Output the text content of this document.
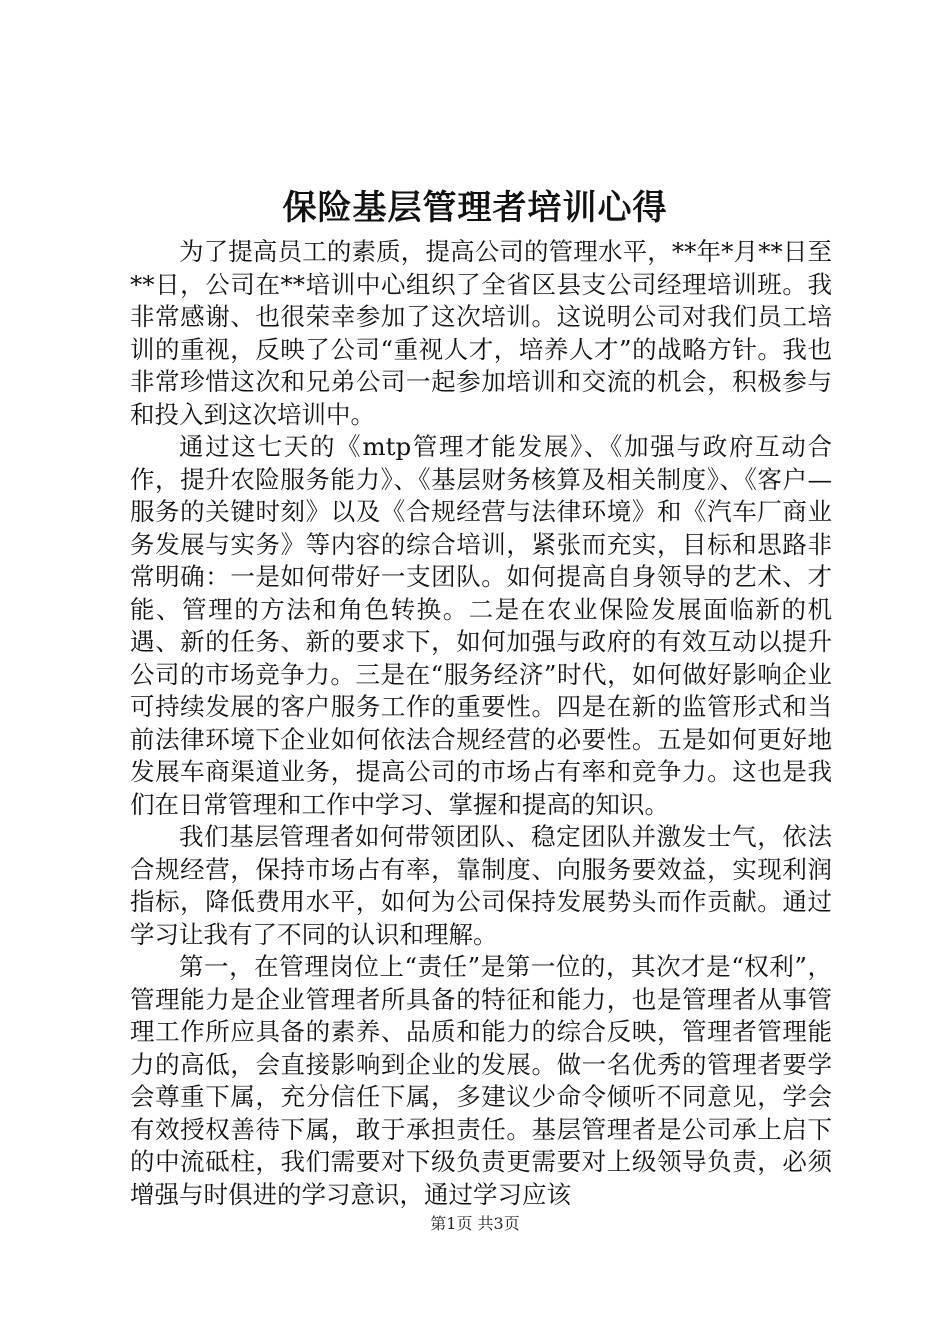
保险基层管理者培训心得

为了提高员工的素质，提高公司的管理水平，**年*月**日至**日，公司在**培训中心组织了全省区县支公司经理培训班。我非常感谢、也很荣幸参加了这次培训。这说明公司对我们员工培训的重视，反映了公司“重视人才，培养人才”的战略方针。我也非常珍惜这次和兄弟公司一起参加培训和交流的机会，积极参与和投入到这次培训中。

通过这七天的《mtp管理才能发展》、《加强与政府互动合作，提升农险服务能力》、《基层财务核算及相关制度》、《客户—服务的关键时刻》以及《合规经营与法律环境》和《汽车厂商业务发展与实务》等内容的综合培训，紧张而充实，目标和思路非常明确：一是如何带好一支团队。如何提高自身领导的艺术、才能、管理的方法和角色转换。二是在农业保险发展面临新的机遇、新的任务、新的要求下，如何加强与政府的有效互动以提升公司的市场竞争力。三是在“服务经济”时代，如何做好影响企业可持续发展的客户服务工作的重要性。四是在新的监管形式和当前法律环境下企业如何依法合规经营的必要性。五是如何更好地发展车商渠道业务，提高公司的市场占有率和竞争力。这也是我们在日常管理和工作中学习、掌握和提高的知识。

我们基层管理者如何带领团队、稳定团队并激发士气，依法合规经营，保持市场占有率，靠制度、向服务要效益，实现利润指标，降低费用水平，如何为公司保持发展势头而作贡献。通过学习让我有了不同的认识和理解。

第一，在管理岗位上“责任”是第一位的，其次才是“权利”，管理能力是企业管理者所具备的特征和能力，也是管理者从事管理工作所应具备的素养、品质和能力的综合反映，管理者管理能力的高低，会直接影响到企业的发展。做一名优秀的管理者要学会尊重下属，充分信任下属，多建议少命令倾听不同意见，学会有效授权善待下属，敢于承担责任。基层管理者是公司承上启下的中流砥柱，我们需要对下级负责更需要对上级领导负责，必须增强与时俱进的学习意识，通过学习应该

第1页 共3页
